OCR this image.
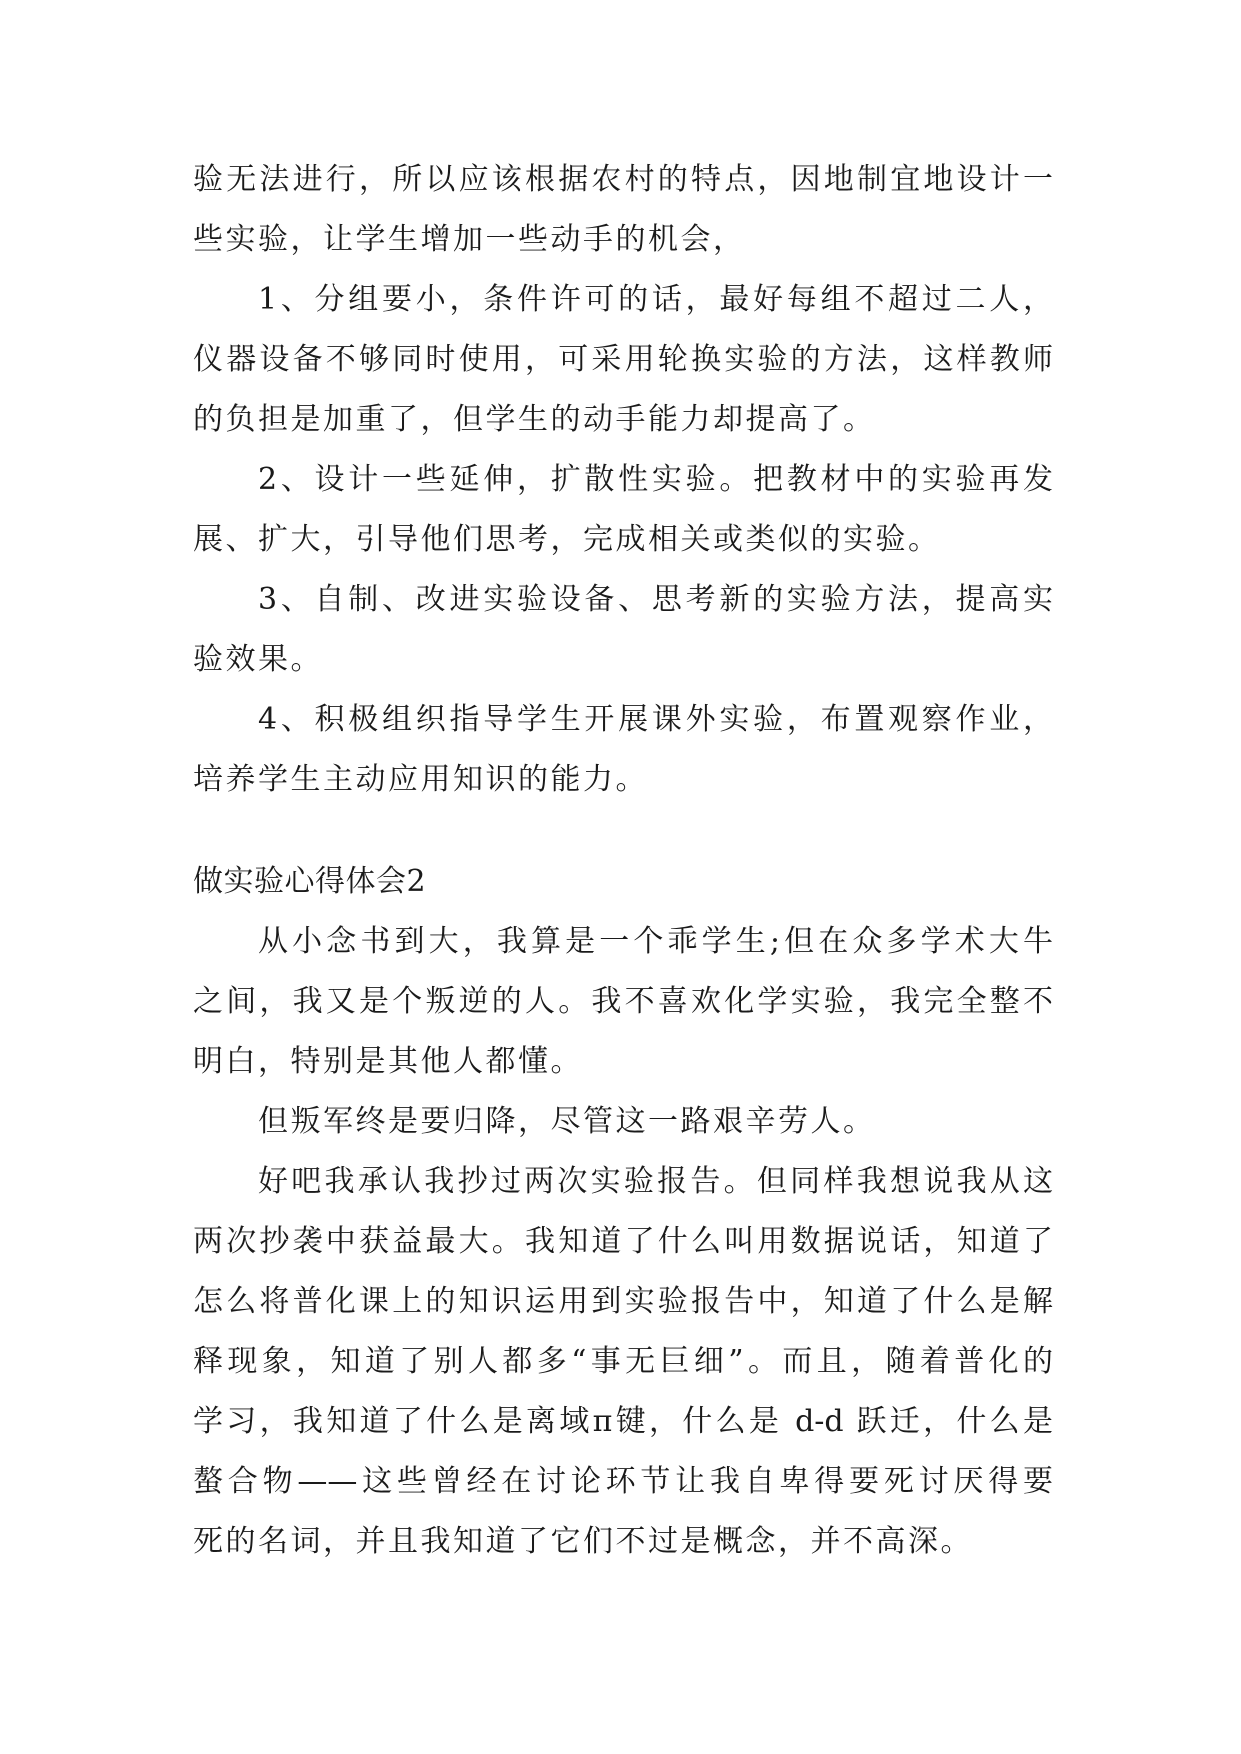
验无法进行，所以应该根据农村的特点，因地制宜地设计一
些实验，让学生增加一些动手的机会，
1、分组要小，条件许可的话，最好每组不超过二人，
仪器设备不够同时使用，可采用轮换实验的方法，这样教师
的负担是加重了，但学生的动手能力却提高了。
2、设计一些延伸，扩散性实验。把教材中的实验再发
展、扩大，引导他们思考，完成相关或类似的实验。
3、自制、改进实验设备、思考新的实验方法，提高实
验效果。
4、积极组织指导学生开展课外实验，布置观察作业，
培养学生主动应用知识的能力。
做实验心得体会2
从小念书到大，我算是一个乖学生;但在众多学术大牛
之间，我又是个叛逆的人。我不喜欢化学实验，我完全整不
明白，特别是其他人都懂。
但叛军终是要归降，尽管这一路艰辛劳人。
好吧我承认我抄过两次实验报告。但同样我想说我从这
两次抄袭中获益最大。我知道了什么叫用数据说话，知道了
怎么将普化课上的知识运用到实验报告中，知道了什么是解
释现象，知道了别人都多“事无巨细”。而且，随着普化的
学习，我知道了什么是离域π键，什么是 d-d 跃迁，什么是
螯合物——这些曾经在讨论环节让我自卑得要死讨厌得要
死的名词，并且我知道了它们不过是概念，并不高深。
